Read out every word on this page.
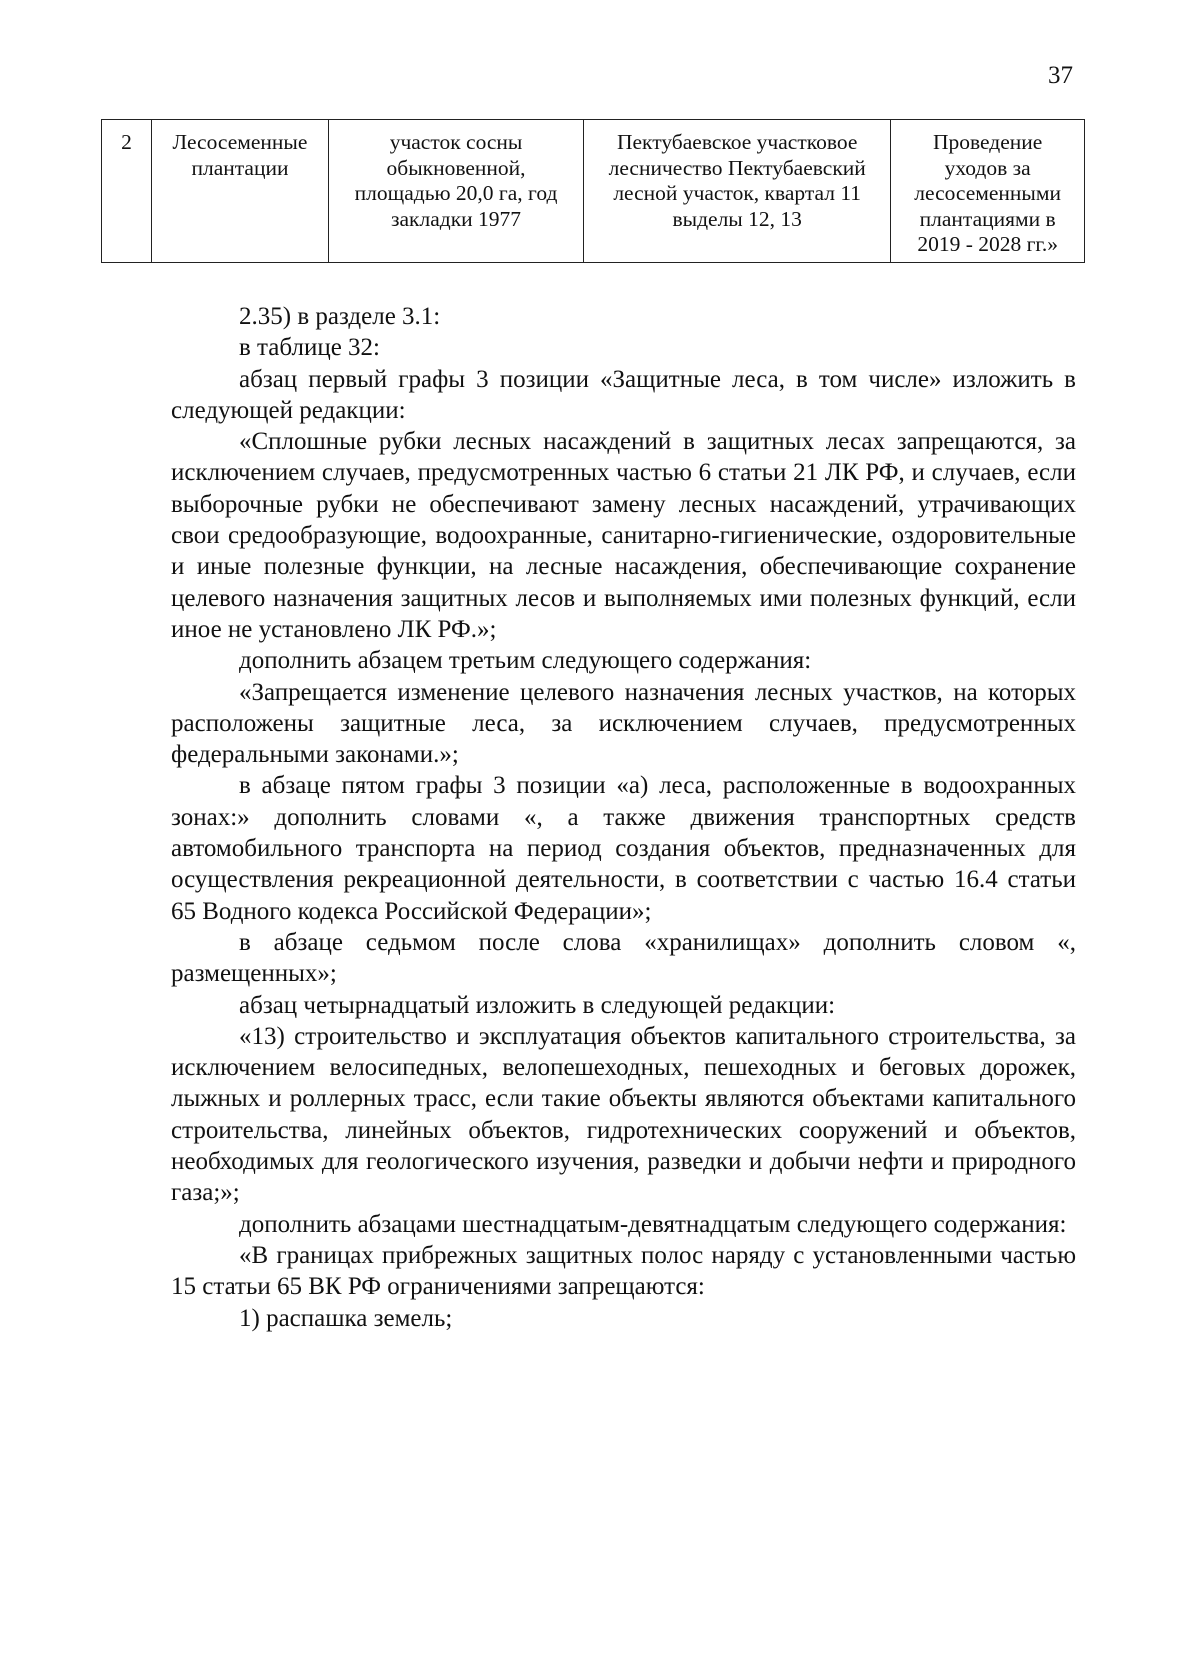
37
2	Лесосеменные
плантации	участок сосны
обыкновенной,
площадью 20,0 га, год
закладки 1977	Пектубаевское участковое
лесничество Пектубаевский
лесной участок, квартал 11
выделы 12, 13	Проведение
уходов за
лесосеменными
плантациями в
2019 - 2028 гг.»

2.35) в разделе 3.1:

в таблице 32:

абзац первый графы 3 позиции «Защитные леса, в том числе» изложить в следующей редакции:

«Сплошные рубки лесных насаждений в защитных лесах запрещаются, за исключением случаев, предусмотренных частью 6 статьи 21 ЛК РФ, и случаев, если выборочные рубки не обеспечивают замену лесных насаждений, утрачивающих свои средообразующие, водоохранные, санитарно-гигиенические, оздоровительные и иные полезные функции, на лесные насаждения, обеспечивающие сохранение целевого назначения защитных лесов и выполняемых ими полезных функций, если иное не установлено ЛК РФ.»;

дополнить абзацем третьим следующего содержания:

«Запрещается изменение целевого назначения лесных участков, на которых расположены защитные леса, за исключением случаев, предусмотренных федеральными законами.»;

в абзаце пятом графы 3 позиции «а) леса, расположенные в водоохранных зонах:» дополнить словами «, а также движения транспортных средств автомобильного транспорта на период создания объектов, предназначенных для осуществления рекреационной деятельности, в соответствии с частью 16.4 статьи 65 Водного кодекса Российской Федерации»;

в абзаце седьмом после слова «хранилищах» дополнить словом «, размещенных»;

абзац четырнадцатый изложить в следующей редакции:

«13) строительство и эксплуатация объектов капитального строительства, за исключением велосипедных, велопешеходных, пешеходных и беговых дорожек, лыжных и роллерных трасс, если такие объекты являются объектами капитального строительства, линейных объектов, гидротехнических сооружений и объектов, необходимых для геологического изучения, разведки и добычи нефти и природного газа;»;

дополнить абзацами шестнадцатым-девятнадцатым следующего содержания:

«В границах прибрежных защитных полос наряду с установленными частью 15 статьи 65 ВК РФ ограничениями запрещаются:

1) распашка земель;
